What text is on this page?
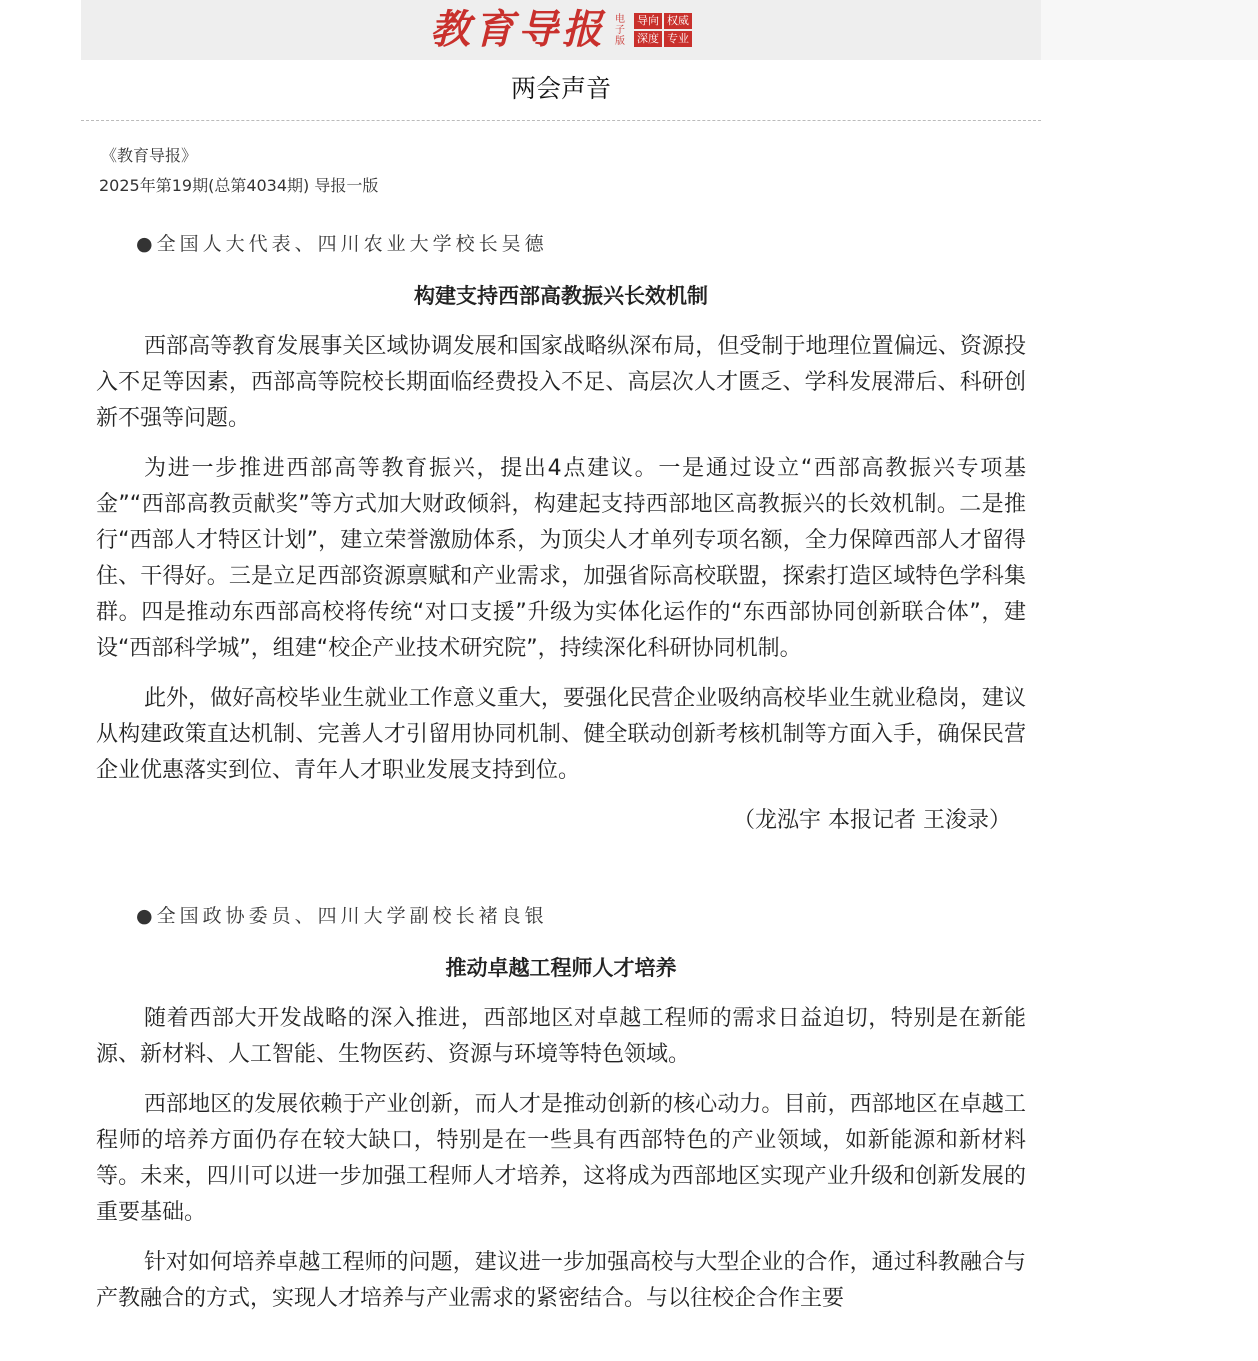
教育导报 电子版
导向 权威
深度 专业
两会声音
《教育导报》
2025年第19期(总第4034期) 导报一版
●全国人大代表、四川农业大学校长吴德
构建支持西部高教振兴长效机制

西部高等教育发展事关区域协调发展和国家战略纵深布局，但受制于地理位置偏远、资源投入不足等因素，西部高等院校长期面临经费投入不足、高层次人才匮乏、学科发展滞后、科研创新不强等问题。

为进一步推进西部高等教育振兴，提出4点建议。一是通过设立“西部高教振兴专项基金”“西部高教贡献奖”等方式加大财政倾斜，构建起支持西部地区高教振兴的长效机制。二是推行“西部人才特区计划”，建立荣誉激励体系，为顶尖人才单列专项名额，全力保障西部人才留得住、干得好。三是立足西部资源禀赋和产业需求，加强省际高校联盟，探索打造区域特色学科集群。四是推动东西部高校将传统“对口支援”升级为实体化运作的“东西部协同创新联合体”，建设“西部科学城”，组建“校企产业技术研究院”，持续深化科研协同机制。

此外，做好高校毕业生就业工作意义重大，要强化民营企业吸纳高校毕业生就业稳岗，建议从构建政策直达机制、完善人才引留用协同机制、健全联动创新考核机制等方面入手，确保民营企业优惠落实到位、青年人才职业发展支持到位。

（龙泓宇 本报记者 王浚录）
●全国政协委员、四川大学副校长褚良银
推动卓越工程师人才培养

随着西部大开发战略的深入推进，西部地区对卓越工程师的需求日益迫切，特别是在新能源、新材料、人工智能、生物医药、资源与环境等特色领域。

西部地区的发展依赖于产业创新，而人才是推动创新的核心动力。目前，西部地区在卓越工程师的培养方面仍存在较大缺口，特别是在一些具有西部特色的产业领域，如新能源和新材料等。未来，四川可以进一步加强工程师人才培养，这将成为西部地区实现产业升级和创新发展的重要基础。

针对如何培养卓越工程师的问题，建议进一步加强高校与大型企业的合作，通过科教融合与产教融合的方式，实现人才培养与产业需求的紧密结合。与以往校企合作主要
